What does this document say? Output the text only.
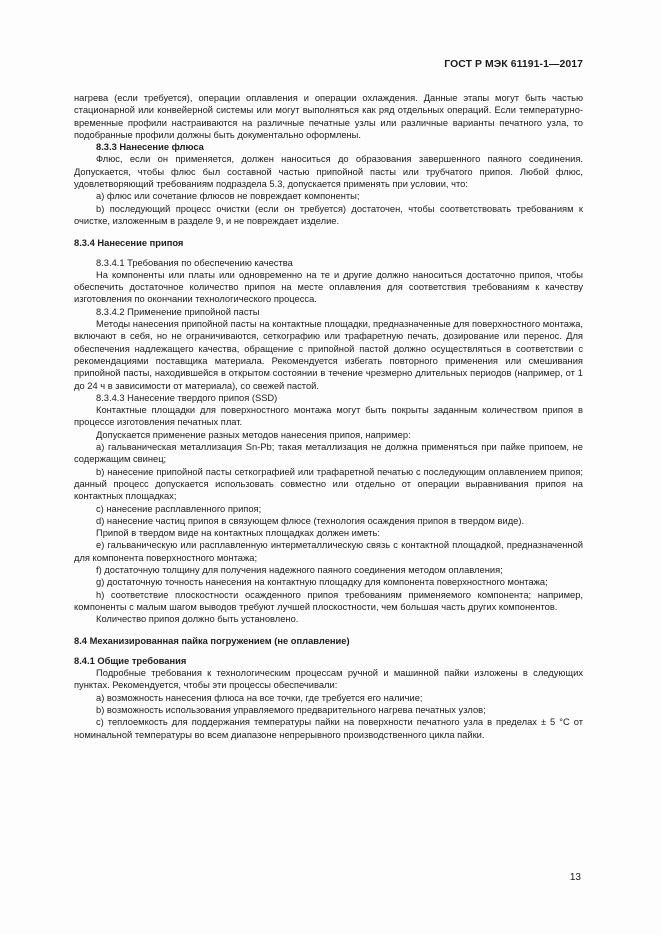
ГОСТ Р МЭК 61191-1—2017

нагрева (если требуется), операции оплавления и операции охлаждения. Данные этапы могут быть частью стационарной или конвейерной системы или могут выполняться как ряд отдельных операций. Если температурно-временные профили настраиваются на различные печатные узлы или различные варианты печатного узла, то подобранные профили должны быть документально оформлены.

8.3.3 Нанесение флюса

Флюс, если он применяется, должен наноситься до образования завершенного паяного соединения. Допускается, чтобы флюс был составной частью припойной пасты или трубчатого припоя. Любой флюс, удовлетворяющий требованиям подраздела 5.3, допускается применять при условии, что:

a) флюс или сочетание флюсов не повреждает компоненты;

b) последующий процесс очистки (если он требуется) достаточен, чтобы соответствовать требованиям к очистке, изложенным в разделе 9, и не повреждает изделие.

8.3.4 Нанесение припоя

8.3.4.1 Требования по обеспечению качества

На компоненты или платы или одновременно на те и другие должно наноситься достаточно припоя, чтобы обеспечить достаточное количество припоя на месте оплавления для соответствия требованиям к качеству изготовления по окончании технологического процесса.

8.3.4.2 Применение припойной пасты

Методы нанесения припойной пасты на контактные площадки, предназначенные для поверхностного монтажа, включают в себя, но не ограничиваются, сеткографию или трафаретную печать, дозирование или перенос. Для обеспечения надлежащего качества, обращение с припойной пастой должно осуществляться в соответствии с рекомендациями поставщика материала. Рекомендуется избегать повторного применения или смешивания припойной пасты, находившейся в открытом состоянии в течение чрезмерно длительных периодов (например, от 1 до 24 ч в зависимости от материала), со свежей пастой.

8.3.4.3 Нанесение твердого припоя (SSD)

Контактные площадки для поверхностного монтажа могут быть покрыты заданным количеством припоя в процессе изготовления печатных плат.

Допускается применение разных методов нанесения припоя, например:

a) гальваническая металлизация Sn-Pb; такая металлизация не должна применяться при пайке припоем, не содержащим свинец;

b) нанесение припойной пасты сеткографией или трафаретной печатью с последующим оплавлением припоя; данный процесс допускается использовать совместно или отдельно от операции выравнивания припоя на контактных площадках;

c) нанесение расплавленного припоя;

d) нанесение частиц припоя в связующем флюсе (технология осаждения припоя в твердом виде).

Припой в твердом виде на контактных площадках должен иметь:

e) гальваническую или расплавленную интерметаллическую связь с контактной площадкой, предназначенной для компонента поверхностного монтажа;

f) достаточную толщину для получения надежного паяного соединения методом оплавления;

g) достаточную точность нанесения на контактную площадку для компонента поверхностного монтажа;

h) соответствие плоскостности осажденного припоя требованиям применяемого компонента; например, компоненты с малым шагом выводов требуют лучшей плоскостности, чем большая часть других компонентов.

Количество припоя должно быть установлено.

8.4 Механизированная пайка погружением (не оплавление)

8.4.1 Общие требования

Подробные требования к технологическим процессам ручной и машинной пайки изложены в следующих пунктах. Рекомендуется, чтобы эти процессы обеспечивали:

a) возможность нанесения флюса на все точки, где требуется его наличие;

b) возможность использования управляемого предварительного нагрева печатных узлов;

c) теплоемкость для поддержания температуры пайки на поверхности печатного узла в пределах ± 5 °С от номинальной температуры во всем диапазоне непрерывного производственного цикла пайки.

13
